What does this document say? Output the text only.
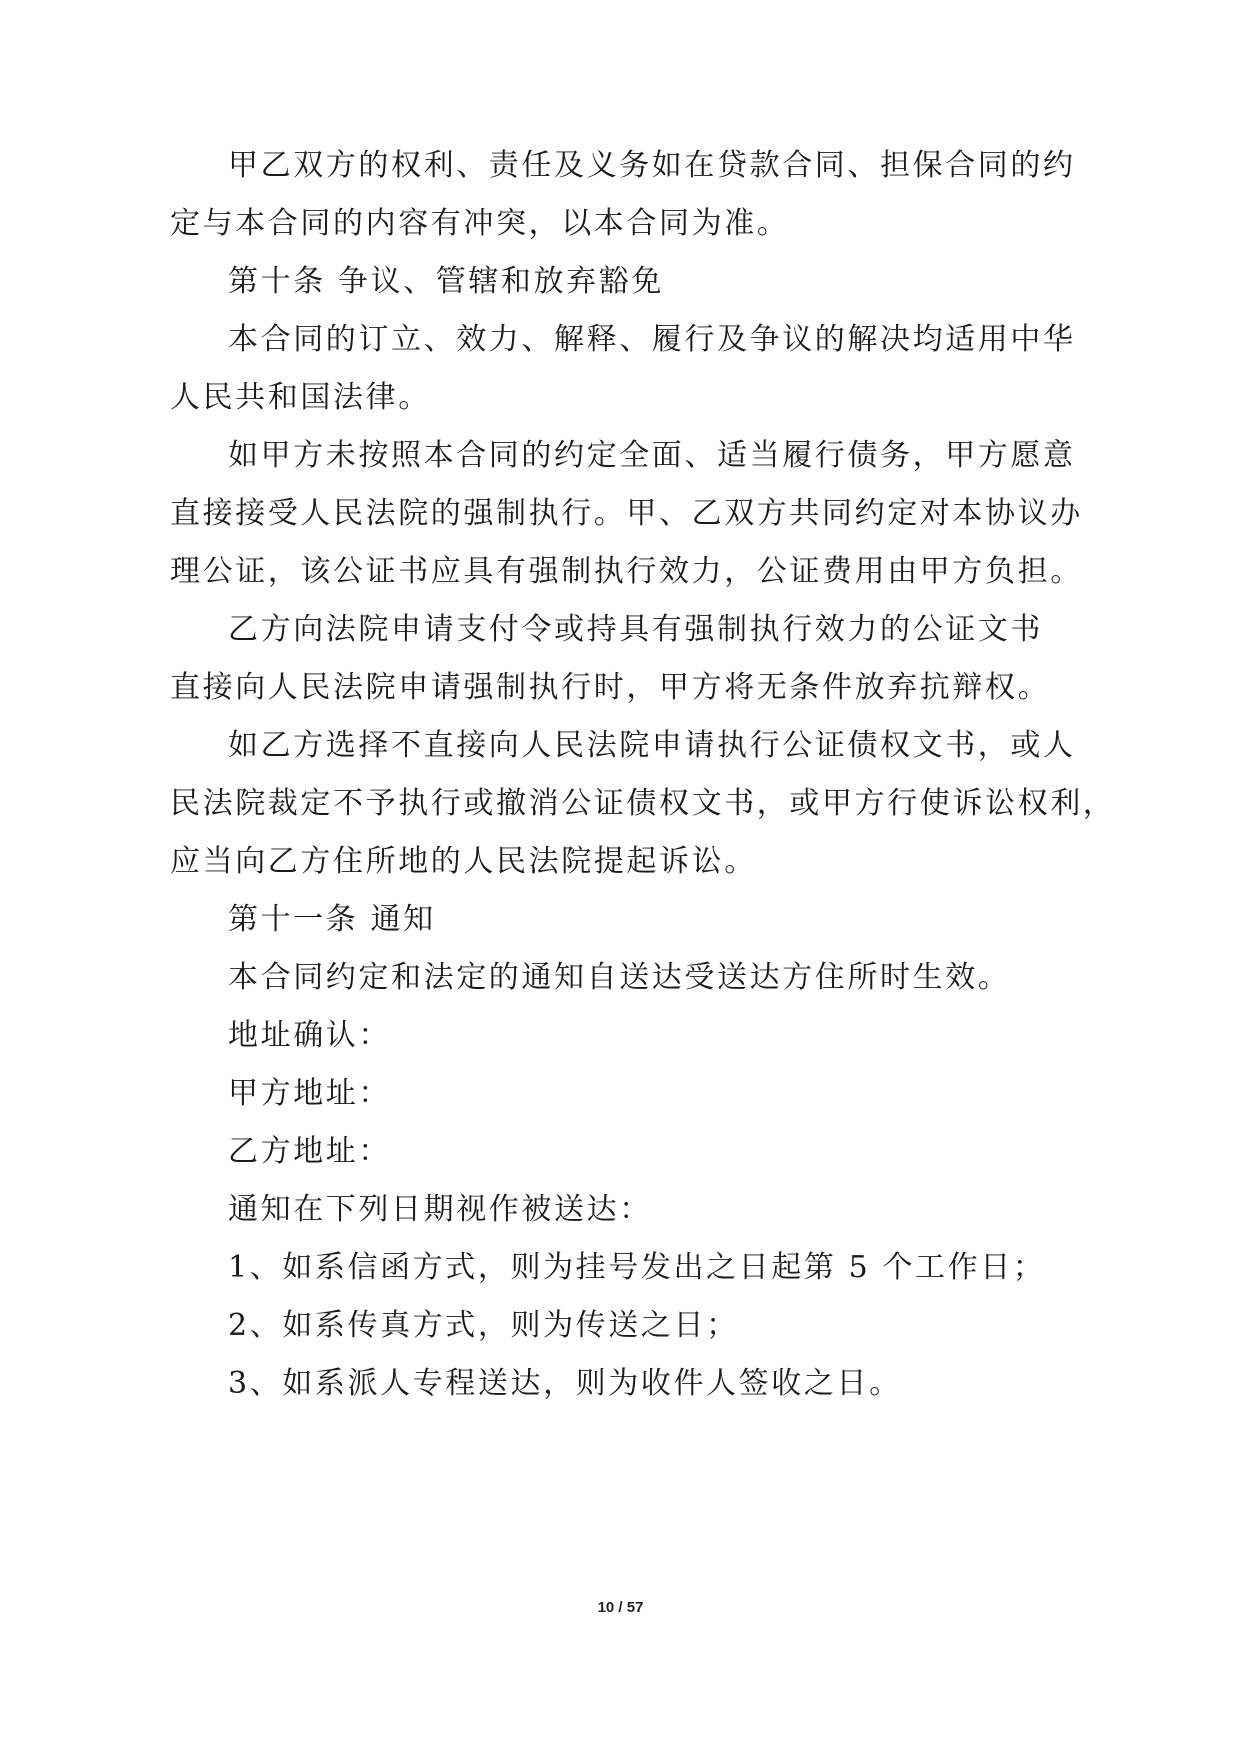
甲乙双方的权利、责任及义务如在贷款合同、担保合同的约
定与本合同的内容有冲突，以本合同为准。
第十条 争议、管辖和放弃豁免
本合同的订立、效力、解释、履行及争议的解决均适用中华
人民共和国法律。
如甲方未按照本合同的约定全面、适当履行债务，甲方愿意
直接接受人民法院的强制执行。甲、乙双方共同约定对本协议办
理公证，该公证书应具有强制执行效力，公证费用由甲方负担。
乙方向法院申请支付令或持具有强制执行效力的公证文书
直接向人民法院申请强制执行时，甲方将无条件放弃抗辩权。
如乙方选择不直接向人民法院申请执行公证债权文书，或人
民法院裁定不予执行或撤消公证债权文书，或甲方行使诉讼权利，
应当向乙方住所地的人民法院提起诉讼。
第十一条 通知
本合同约定和法定的通知自送达受送达方住所时生效。
地址确认：
甲方地址：
乙方地址：
通知在下列日期视作被送达：
1、如系信函方式，则为挂号发出之日起第 5 个工作日；
2、如系传真方式，则为传送之日；
3、如系派人专程送达，则为收件人签收之日。
10 / 57
